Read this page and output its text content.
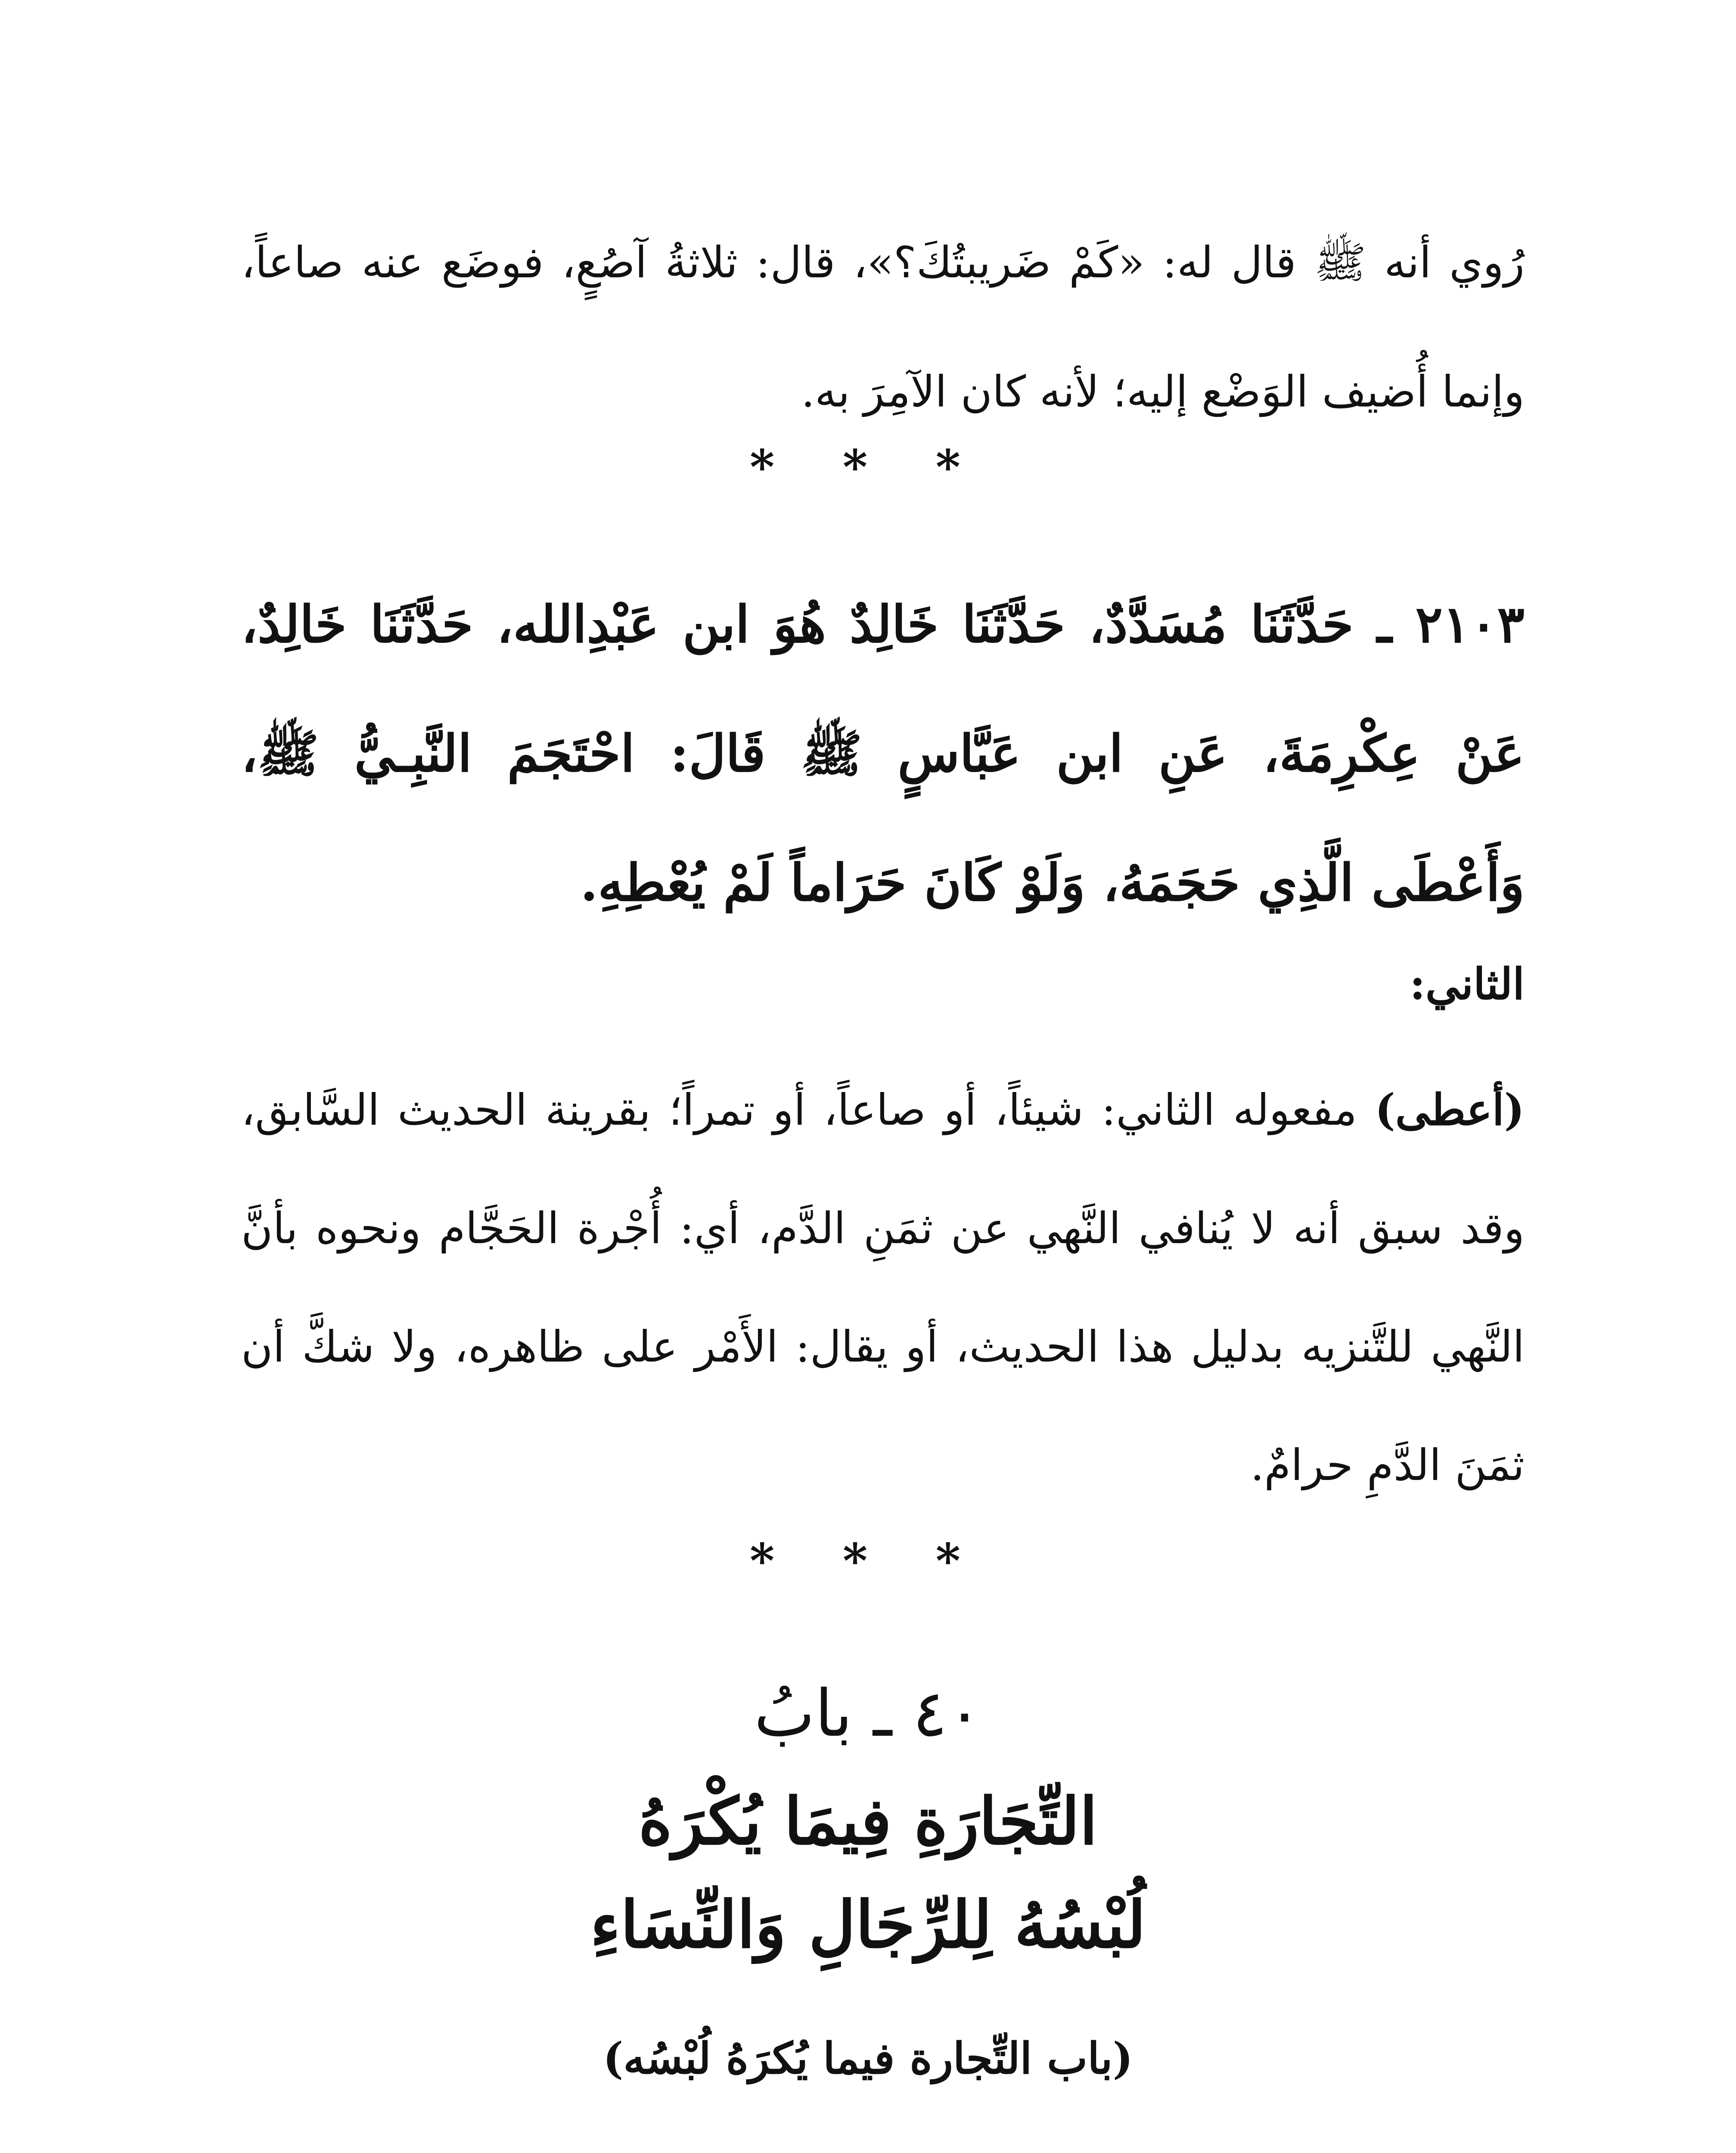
رُوي أنه ﷺ قال له: «كَمْ ضَريبتُكَ؟»، قال: ثلاثةُ آصُعٍ، فوضَع عنه صاعاً، وإنما أُضيف الوَضْع إليه؛ لأنه كان الآمِرَ به.
* * *
٢١٠٣ ـ حَدَّثَنَا مُسَدَّدٌ، حَدَّثَنَا خَالِدٌ هُوَ ابن عَبْدِالله، حَدَّثَنَا خَالِدٌ، عَنْ عِكْرِمَةَ، عَنِ ابن عَبَّاسٍ ﷺ قَالَ: احْتَجَمَ النَّبِـيُّ ﷺ، وَأَعْطَى الَّذِي حَجَمَهُ، وَلَوْ كَانَ حَرَاماً لَمْ يُعْطِهِ.
الثاني:
(أعطى) مفعوله الثاني: شيئاً، أو صاعاً، أو تمراً؛ بقرينة الحديث السَّابق، وقد سبق أنه لا يُنافي النَّهي عن ثمَنِ الدَّم، أي: أُجْرة الحَجَّام ونحوه بأنَّ النَّهي للتَّنزيه بدليل هذا الحديث، أو يقال: الأَمْر على ظاهره، ولا شكَّ أن ثمَنَ الدَّمِ حرامٌ.
* * *
٤٠ ـ بابُ
التِّجَارَةِ فِيمَا يُكْرَهُ
لُبْسُهُ لِلرِّجَالِ وَالنِّسَاءِ
(باب التِّجارة فيما يُكرَهُ لُبْسُه)
